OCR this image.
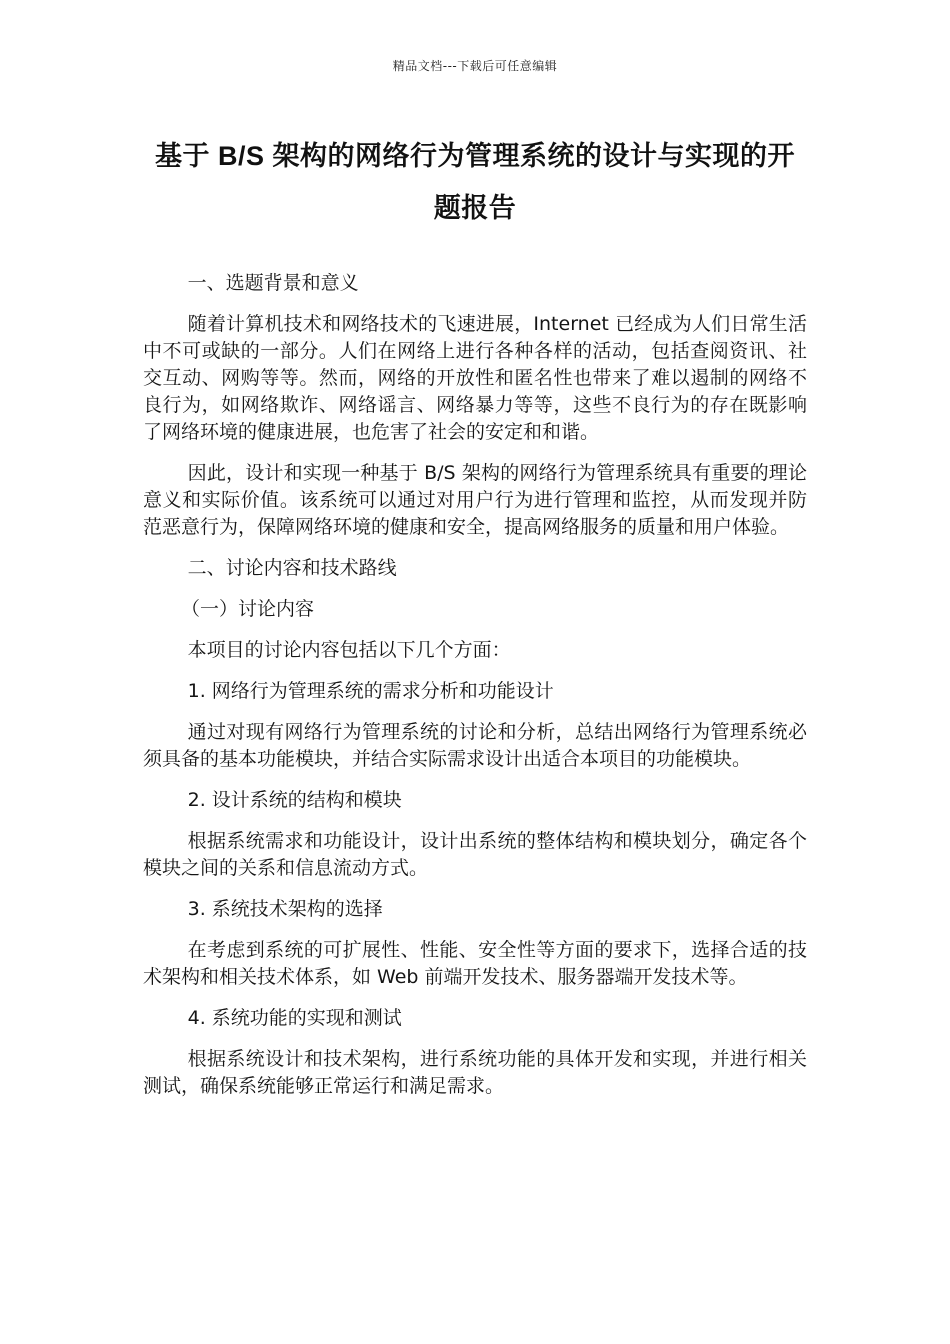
精品文档---下载后可任意编辑
基于 B/S 架构的网络行为管理系统的设计与实现的开题报告

一、选题背景和意义

随着计算机技术和网络技术的飞速进展，Internet 已经成为人们日常生活中不可或缺的一部分。人们在网络上进行各种各样的活动，包括查阅资讯、社交互动、网购等等。然而，网络的开放性和匿名性也带来了难以遏制的网络不良行为，如网络欺诈、网络谣言、网络暴力等等，这些不良行为的存在既影响了网络环境的健康进展，也危害了社会的安定和和谐。

因此，设计和实现一种基于 B/S 架构的网络行为管理系统具有重要的理论意义和实际价值。该系统可以通过对用户行为进行管理和监控，从而发现并防范恶意行为，保障网络环境的健康和安全，提高网络服务的质量和用户体验。

二、讨论内容和技术路线

（一）讨论内容

本项目的讨论内容包括以下几个方面：

1. 网络行为管理系统的需求分析和功能设计

通过对现有网络行为管理系统的讨论和分析，总结出网络行为管理系统必须具备的基本功能模块，并结合实际需求设计出适合本项目的功能模块。

2. 设计系统的结构和模块

根据系统需求和功能设计，设计出系统的整体结构和模块划分，确定各个模块之间的关系和信息流动方式。

3. 系统技术架构的选择

在考虑到系统的可扩展性、性能、安全性等方面的要求下，选择合适的技术架构和相关技术体系，如 Web 前端开发技术、服务器端开发技术等。

4. 系统功能的实现和测试

根据系统设计和技术架构，进行系统功能的具体开发和实现，并进行相关测试，确保系统能够正常运行和满足需求。
